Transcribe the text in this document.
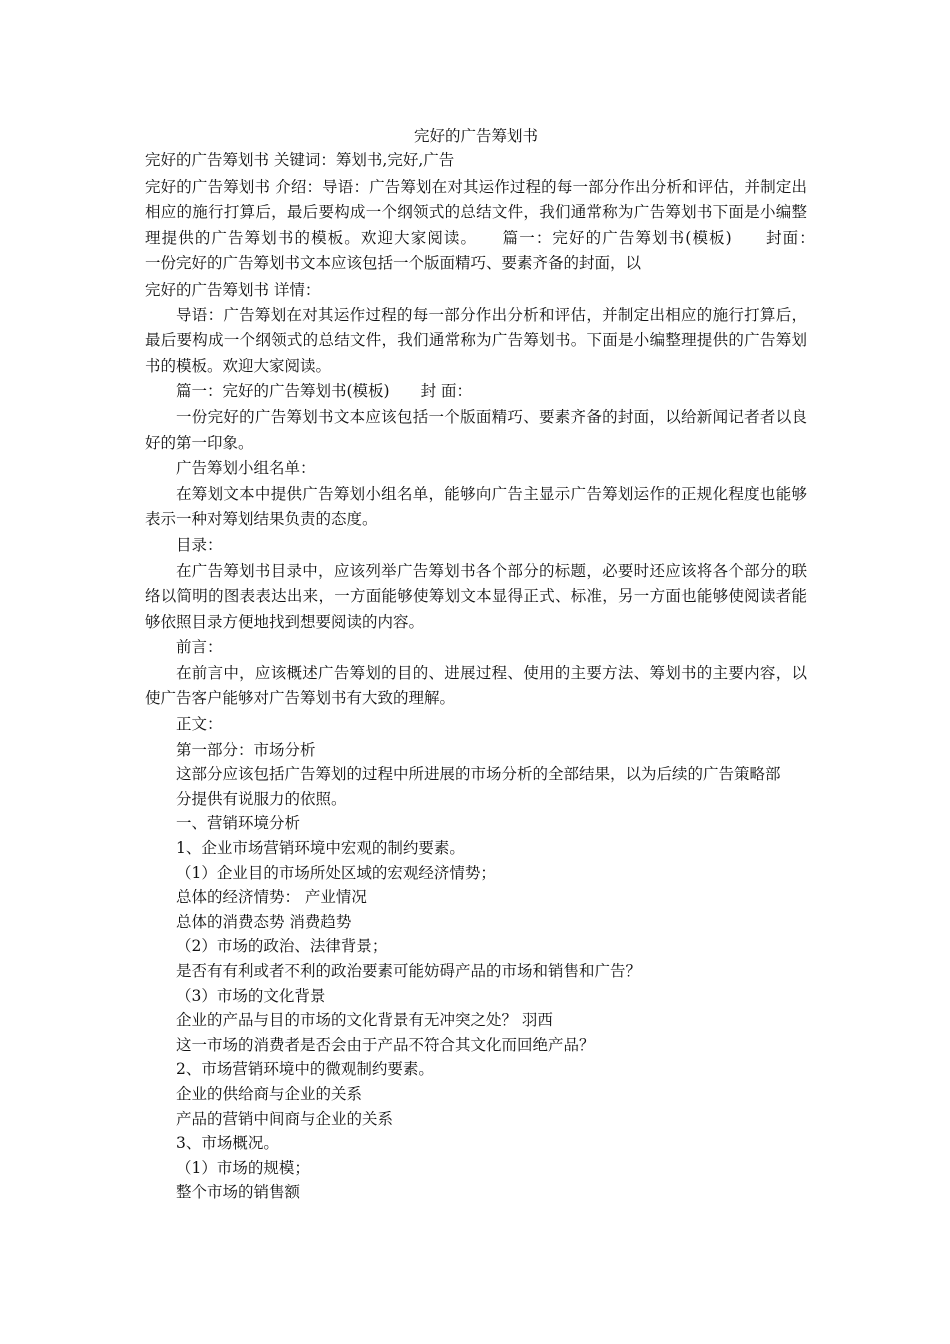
完好的广告筹划书

完好的广告筹划书 关键词：筹划书,完好,广告

完好的广告筹划书 介绍：导语：广告筹划在对其运作过程的每一部分作出分析和评估，并制定出相应的施行打算后，最后要构成一个纲领式的总结文件，我们通常称为广告筹划书下面是小编整理提供的广告筹划书的模板。欢迎大家阅读。　　篇一：完好的广告筹划书(模板)　　封面：　　一份完好的广告筹划书文本应该包括一个版面精巧、要素齐备的封面，以

完好的广告筹划书 详情：

导语：广告筹划在对其运作过程的每一部分作出分析和评估，并制定出相应的施行打算后，最后要构成一个纲领式的总结文件，我们通常称为广告筹划书。下面是小编整理提供的广告筹划书的模板。欢迎大家阅读。

篇一：完好的广告筹划书(模板)　　封 面：

一份完好的广告筹划书文本应该包括一个版面精巧、要素齐备的封面，以给新闻记者者以良好的第一印象。

广告筹划小组名单：

在筹划文本中提供广告筹划小组名单，能够向广告主显示广告筹划运作的正规化程度也能够表示一种对筹划结果负责的态度。

目录：

在广告筹划书目录中，应该列举广告筹划书各个部分的标题，必要时还应该将各个部分的联络以简明的图表表达出来，一方面能够使筹划文本显得正式、标准，另一方面也能够使阅读者能够依照目录方便地找到想要阅读的内容。

前言：

在前言中，应该概述广告筹划的目的、进展过程、使用的主要方法、筹划书的主要内容，以使广告客户能够对广告筹划书有大致的理解。

正文：

第一部分：市场分析

这部分应该包括广告筹划的过程中所进展的市场分析的全部结果，以为后续的广告策略部分提供有说服力的依照。

一、营销环境分析

1、企业市场营销环境中宏观的制约要素。

（1）企业目的市场所处区域的宏观经济情势；

总体的经济情势： 产业情况

总体的消费态势 消费趋势

（2）市场的政治、法律背景；

是否有有利或者不利的政治要素可能妨碍产品的市场和销售和广告？

（3）市场的文化背景

企业的产品与目的市场的文化背景有无冲突之处？ 羽西

这一市场的消费者是否会由于产品不符合其文化而回绝产品？

2、市场营销环境中的微观制约要素。

企业的供给商与企业的关系

产品的营销中间商与企业的关系

3、市场概况。

（1）市场的规模；

整个市场的销售额
